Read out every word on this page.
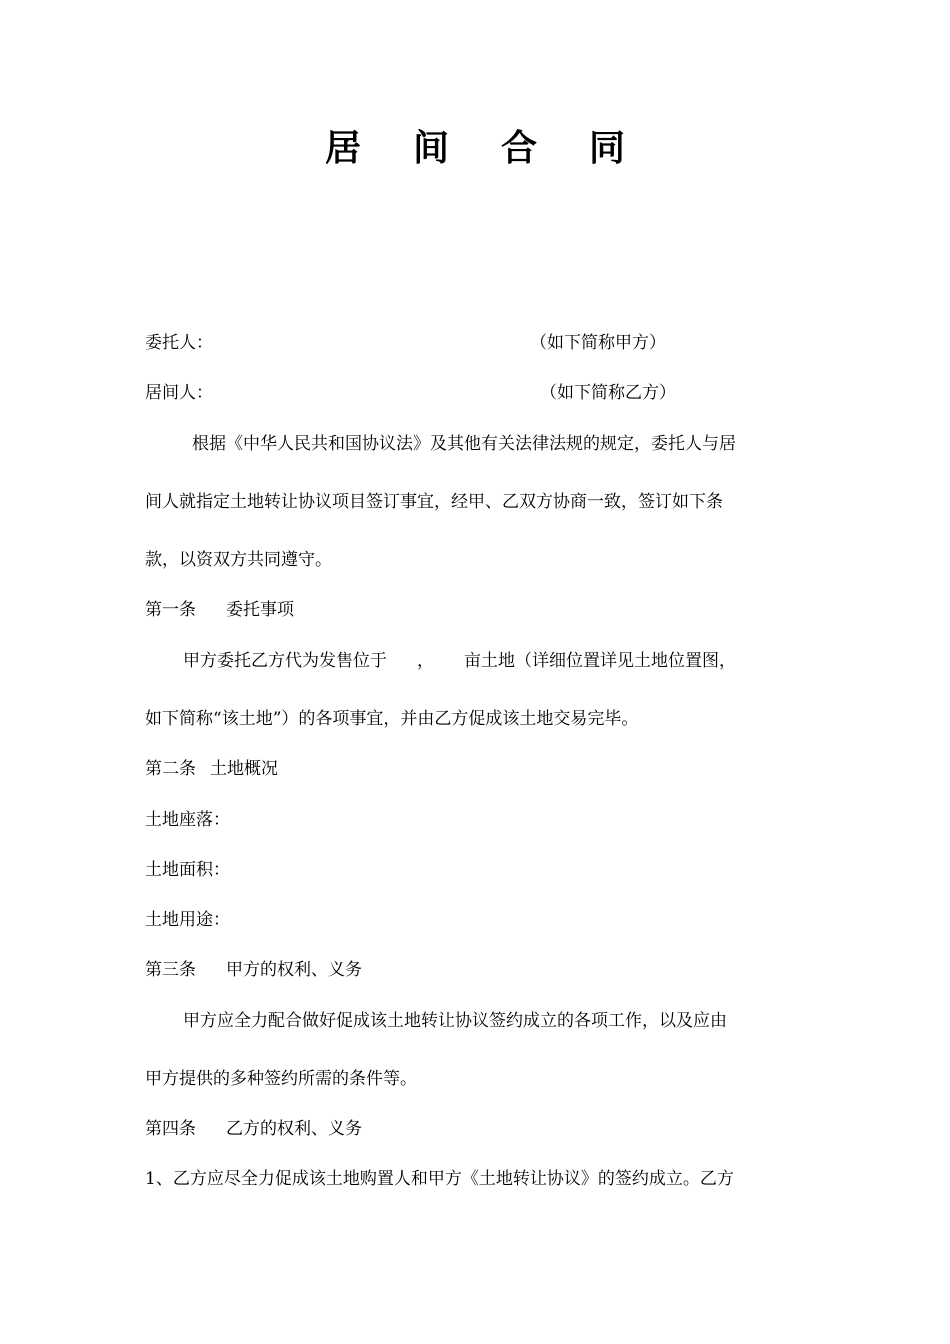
居 间 合 同
委托人：	（如下简称甲方）
居间人：	（如下简称乙方）
根据《中华人民共和国协议法》及其他有关法律法规的规定，委托人与居
间人就指定土地转让协议项目签订事宜，经甲、乙双方协商一致，签订如下条
款，以资双方共同遵守。
第一条 委托事项
甲方委托乙方代为发售位于 ， 亩土地（详细位置详见土地位置图，
如下简称“该土地”）的各项事宜，并由乙方促成该土地交易完毕。
第二条 土地概况
土地座落：
土地面积：
土地用途：
第三条 甲方的权利、义务
甲方应全力配合做好促成该土地转让协议签约成立的各项工作，以及应由
甲方提供的多种签约所需的条件等。
第四条 乙方的权利、义务
1、乙方应尽全力促成该土地购置人和甲方《土地转让协议》的签约成立。乙方
